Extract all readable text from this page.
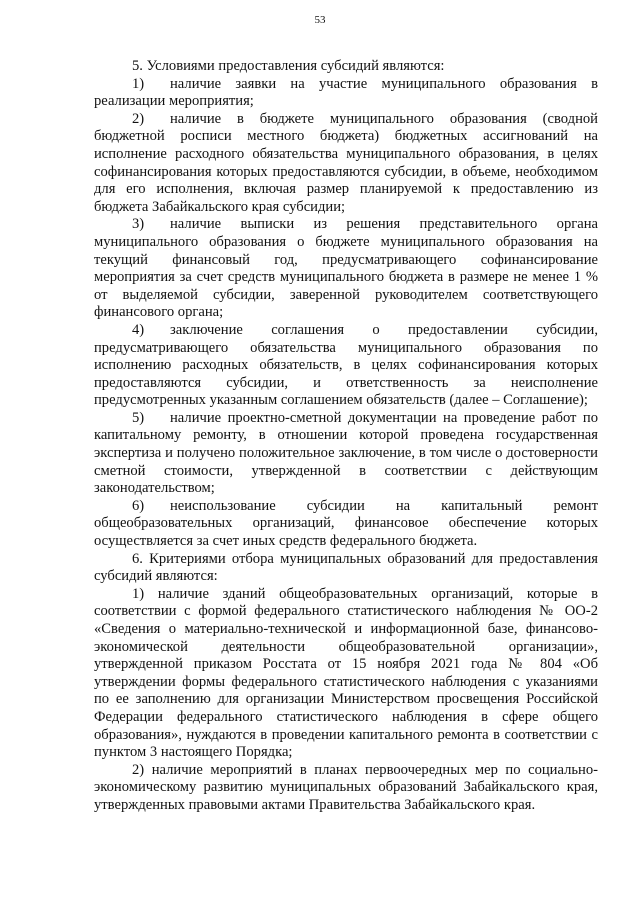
53

5. Условиями предоставления субсидий являются:

1) наличие заявки на участие муниципального образования в реализации мероприятия;

2) наличие в бюджете муниципального образования (сводной бюджетной росписи местного бюджета) бюджетных ассигнований на исполнение расходного обязательства муниципального образования, в целях софинансирования которых предоставляются субсидии, в объеме, необходимом для его исполнения, включая размер планируемой к предоставлению из бюджета Забайкальского края субсидии;

3) наличие выписки из решения представительного органа муниципального образования о бюджете муниципального образования на текущий финансовый год, предусматривающего софинансирование мероприятия за счет средств муниципального бюджета в размере не менее 1 % от выделяемой субсидии, заверенной руководителем соответствующего финансового органа;

4) заключение соглашения о предоставлении субсидии, предусматривающего обязательства муниципального образования по исполнению расходных обязательств, в целях софинансирования которых предоставляются субсидии, и ответственность за неисполнение предусмотренных указанным соглашением обязательств (далее – Соглашение);

5) наличие проектно-сметной документации на проведение работ по капитальному ремонту, в отношении которой проведена государственная экспертиза и получено положительное заключение, в том числе о достоверности сметной стоимости, утвержденной в соответствии с действующим законодательством;

6) неиспользование субсидии на капитальный ремонт общеобразовательных организаций, финансовое обеспечение которых осуществляется за счет иных средств федерального бюджета.

6. Критериями отбора муниципальных образований для предоставления субсидий являются:

1) наличие зданий общеобразовательных организаций, которые в соответствии с формой федерального статистического наблюдения № ОО-2 «Сведения о материально-технической и информационной базе, финансово-экономической деятельности общеобразовательной организации», утвержденной приказом Росстата от 15 ноября 2021 года № 804 «Об утверждении формы федерального статистического наблюдения с указаниями по ее заполнению для организации Министерством просвещения Российской Федерации федерального статистического наблюдения в сфере общего образования», нуждаются в проведении капитального ремонта в соответствии с пунктом 3 настоящего Порядка;

2) наличие мероприятий в планах первоочередных мер по социально-экономическому развитию муниципальных образований Забайкальского края, утвержденных правовыми актами Правительства Забайкальского края.
